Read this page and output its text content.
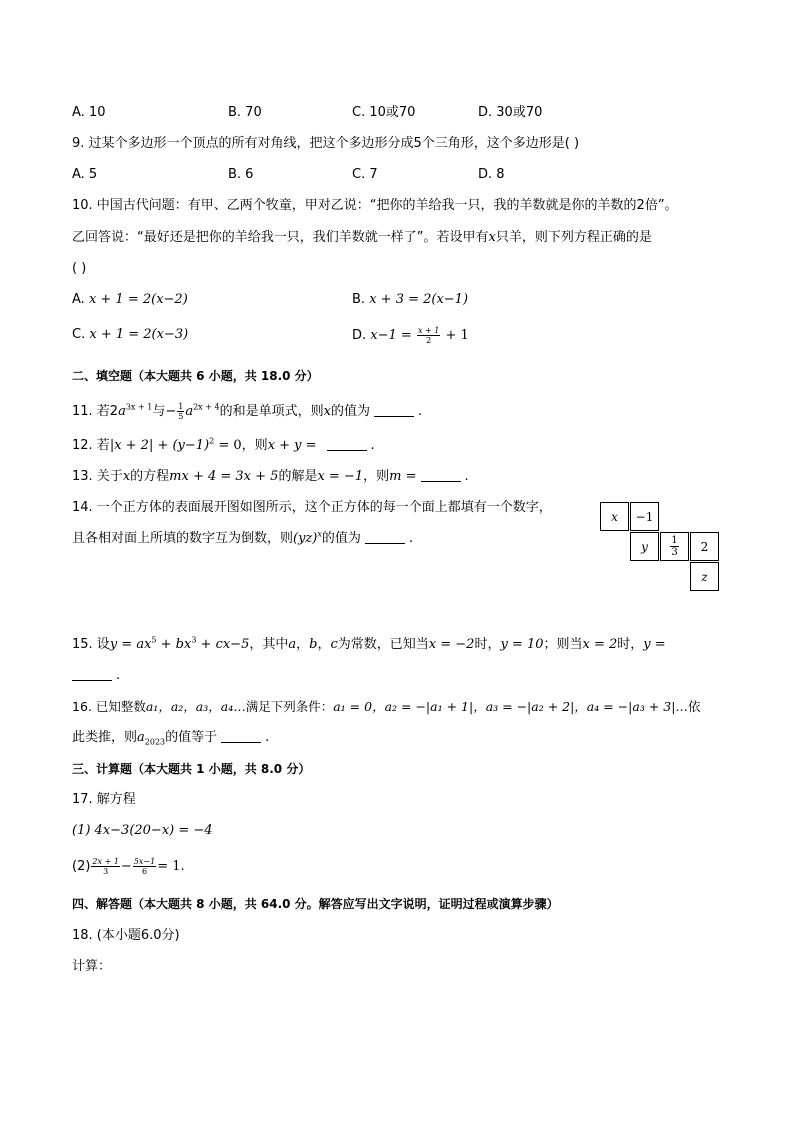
A. 10	B. 70	C. 10或70	D. 30或70
9. 过某个多边形一个顶点的所有对角线，把这个多边形分成5个三角形，这个多边形是( )
A. 5	B. 6	C. 7	D. 8
10. 中国古代问题：有甲、乙两个牧童，甲对乙说：“把你的羊给我一只，我的羊数就是你的羊数的2倍”。
乙回答说：“最好还是把你的羊给我一只，我们羊数就一样了”。若设甲有x只羊，则下列方程正确的是
( )
A. x + 1 = 2(x−2)	B. x + 3 = 2(x−1)
C. x + 1 = 2(x−3)	D. $x-1 = \frac{x + 1}{2} + 1$
二、填空题（本大题共 6 小题，共 18.0 分）
11. 若$2a^{3x + 1}$与− $\frac{1}{5} a^{2x + 4}$的和是单项式，则x的值为	.
12. 若$|x + 2| + (y-1)^2 = 0$，则x + y =	.
13. 关于x的方程mx + 4 = 3x + 5的解是x = −1，则m =	.
14. 一个正方体的表面展开图如图所示，这个正方体的每一个面上都填有一个数字，
且各相对面上所填的数字互为倒数，则(yz)$^x$的值为	.
x	−1
y	$\frac{1}{3}$	2
z
15. 设$y = ax^5 + bx^3 + cx-5$，其中a，b，c为常数，已知当x = −2时，y = 10；则当x = 2时，y =
.
16. 已知整数a₁，a₂，a₃，a₄…满足下列条件：a₁ = 0，a₂ = −|a₁ + 1|，a₃ = −|a₂ + 2|，a₄ = −|a₃ + 3|…依
此类推，则$a_{2023}$的值等于	.
三、计算题（本大题共 1 小题，共 8.0 分）
17. 解方程
(1) 4x−3(20−x) = −4
$(2) \frac{2x + 1}{3} - \frac{5x-1}{6} = 1$.
四、解答题（本大题共 8 小题，共 64.0 分。解答应写出文字说明，证明过程或演算步骤）
18. (本小题6.0分)
计算：
